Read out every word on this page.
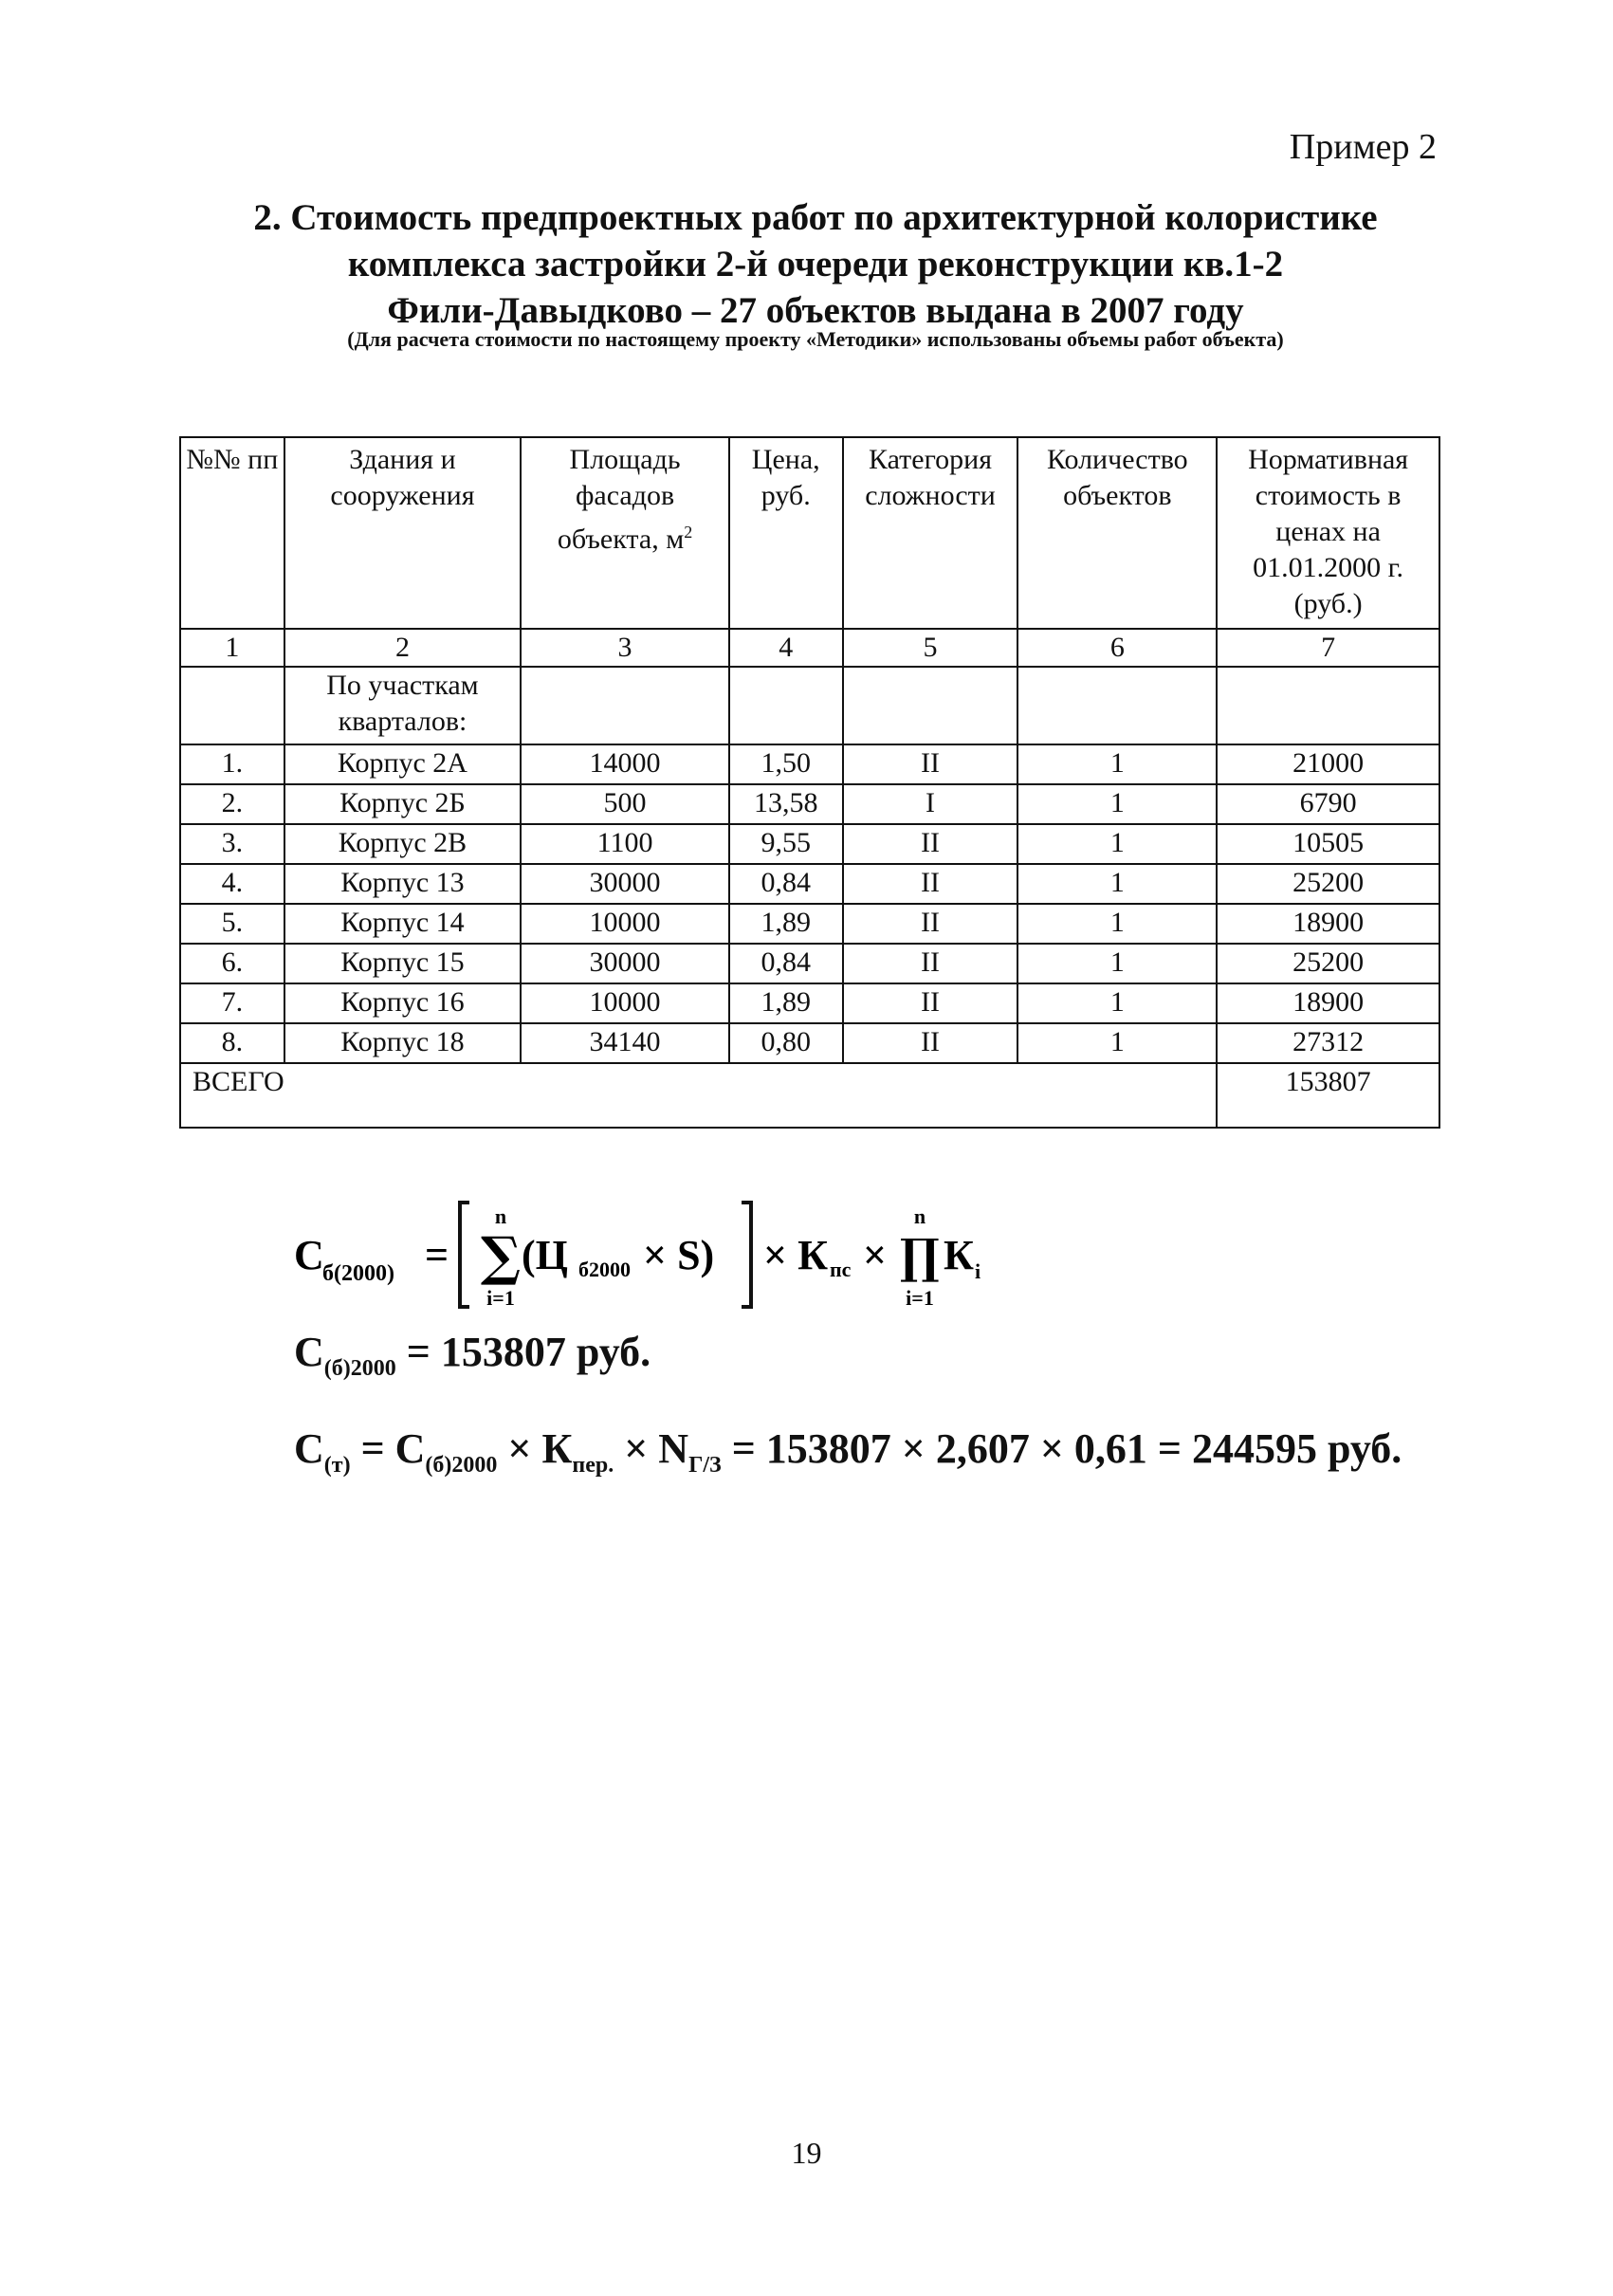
Пример 2
2. Стоимость предпроектных работ по архитектурной колористике
комплекса застройки 2-й очереди реконструкции кв.1-2
Фили-Давыдково – 27 объектов выдана в 2007 году
(Для расчета стоимости по настоящему проекту «Методики» использованы объемы работ объекта)
№№ пп	Здания и сооружения	Площадь фасадов объекта, $м^2$	Цена, руб.	Категория сложности	Количество объектов	Нормативная стоимость в ценах на 01.01.2000 г. (руб.)
1	2	3	4	5	6	7
	По участкам кварталов:					
1.	Корпус 2А	14000	1,50	II	1	21000
2.	Корпус 2Б	500	13,58	I	1	6790
3.	Корпус 2В	1100	9,55	II	1	10505
4.	Корпус 13	30000	0,84	II	1	25200
5.	Корпус 14	10000	1,89	II	1	18900
6.	Корпус 15	30000	0,84	II	1	25200
7.	Корпус 16	10000	1,89	II	1	18900
8.	Корпус 18	34140	0,80	II	1	27312
ВСЕГО						153807
С
б(2000) =
n
∑
i=1
(Ц б2000 × S) × К пс ×
n
∏
i=1
К i
$С_{(б)2000} = 153807$ руб.
$С_{(т)} = С_{(б)2000} \times К_{пер.} \times N_{Г/З} = 153807 \times 2,607 \times 0,61 = 244595$ руб.
19
